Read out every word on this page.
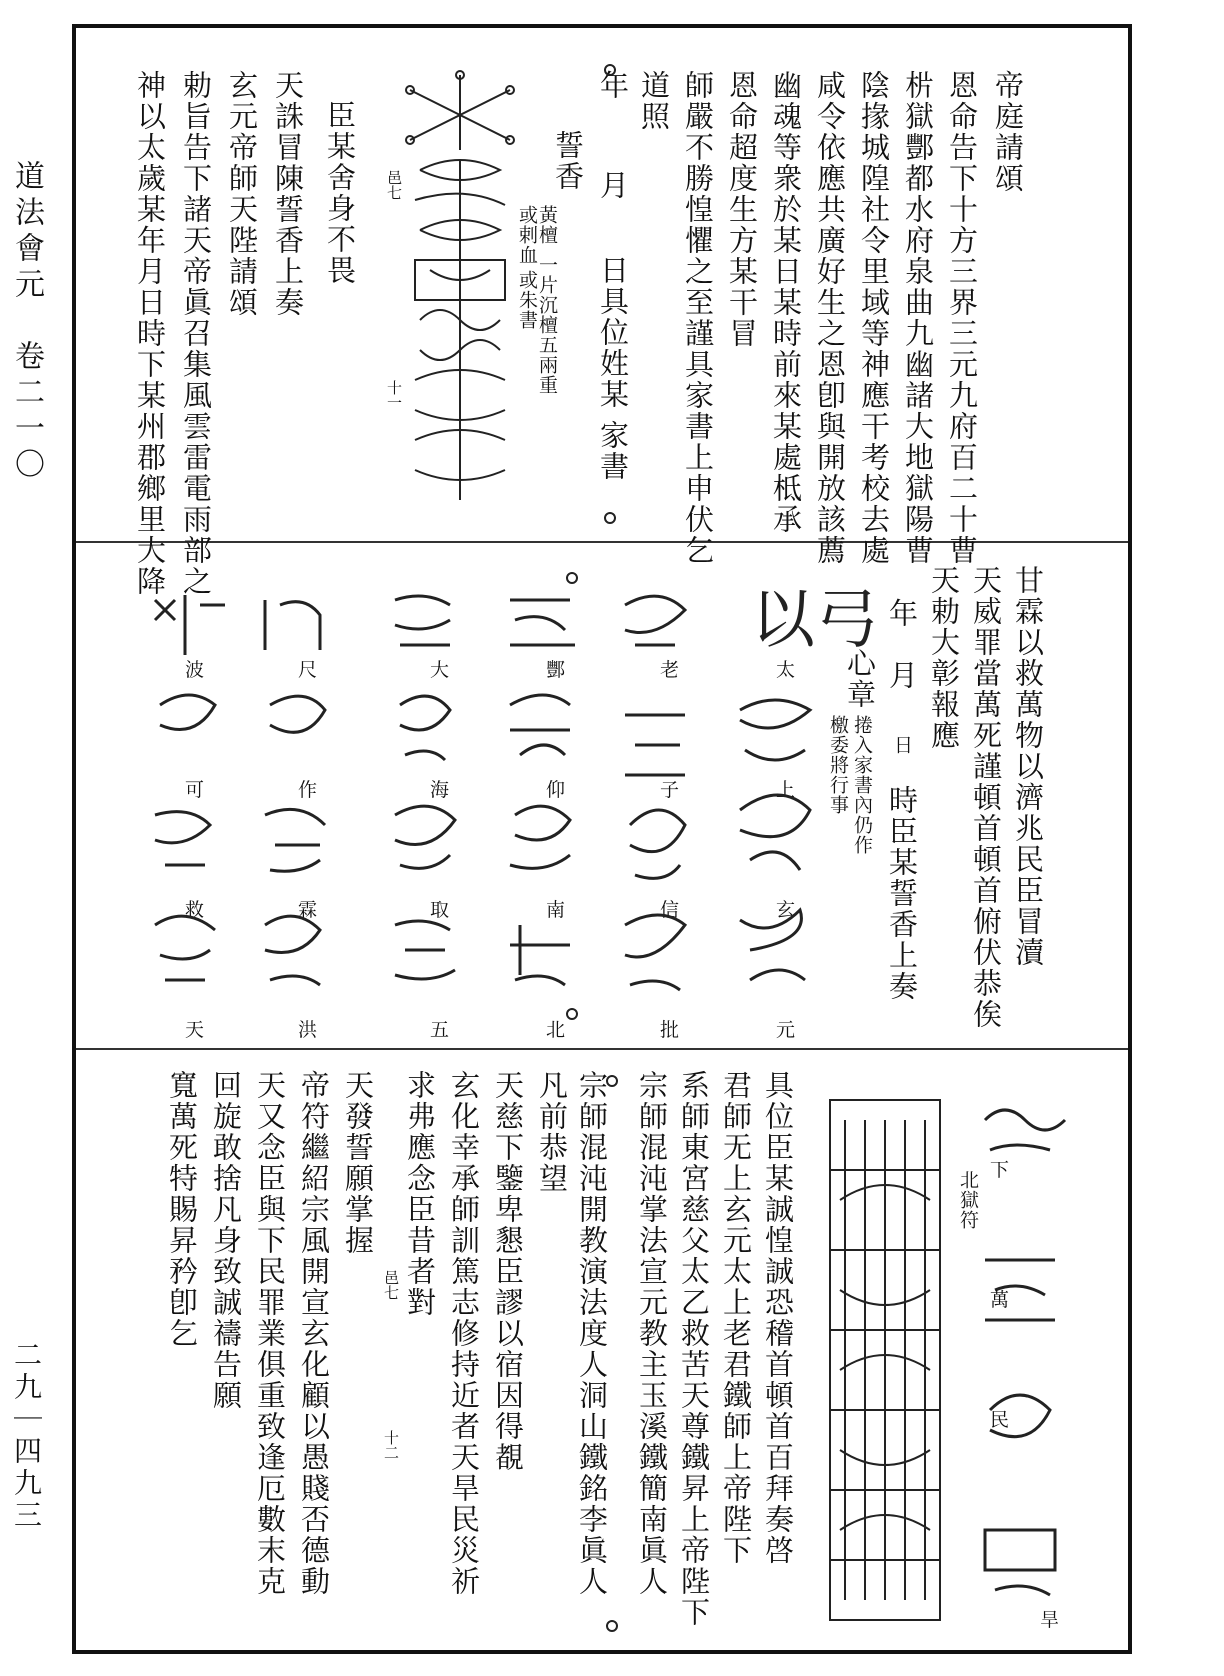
道法會元　卷二一〇
二九｜四九三
帝庭請頌
恩命告下十方三界三元九府百二十曹
㭊獄酆都水府泉曲九幽諸大地獄陽曹
陰掾城隍社令里域等神應干考校去處
咸令依應共廣好生之恩卽與開放該薦
幽魂等衆於某日某時前來某處柢承
恩命超度生方某干冒
師嚴不勝惶懼之至謹具家書上申伏乞
道照
年
月
日具位姓某
家書
誓香
黃檀
或剌血
一片沉檀五兩重
或朱書
邑七
十一
臣某舍身不畏
天誅冒陳誓香上奏
玄元帝師天陛請頌
勅旨告下諸天帝眞召集風雲雷電雨部之
神以太歲某年月日時下某州郡鄉里大降
甘霖以救萬物以濟兆民臣冒瀆
天威罪當萬死謹頓首頓首俯伏恭俟
天勅大彰報應
年
月
日
時臣某誓香上奏
心章
捲入家書內仍作檄委將行事
弓
以
太
上
玄
元
老
子
信
批
酆
仰
南
北
大
海
取
五
尺
作
霖
洪
波
可
救
天
下
萬
民
旱
北獄符
具位臣某誠惶誠恐稽首頓首百拜奏啓
君師无上玄元太上老君鐵師上帝陛下
系師東宮慈父太乙救苦天尊鐵昇上帝陛下
宗師混沌掌法宣元教主玉溪鐵簡南眞人
宗師混沌開教演法度人洞山鐵銘李眞人
凡前恭望
天慈下鑒卑懇臣謬以宿因得覩
玄化幸承師訓篤志修持近者天旱民災祈
求弗應念臣昔者對
邑七
十二
天發誓願掌握
帝符繼紹宗風開宣玄化顧以愚賤否德動
天又念臣與下民罪業俱重致逢厄數末克
回旋敢捨凡身致誠禱告願
寬萬死特賜昇矜卽乞
